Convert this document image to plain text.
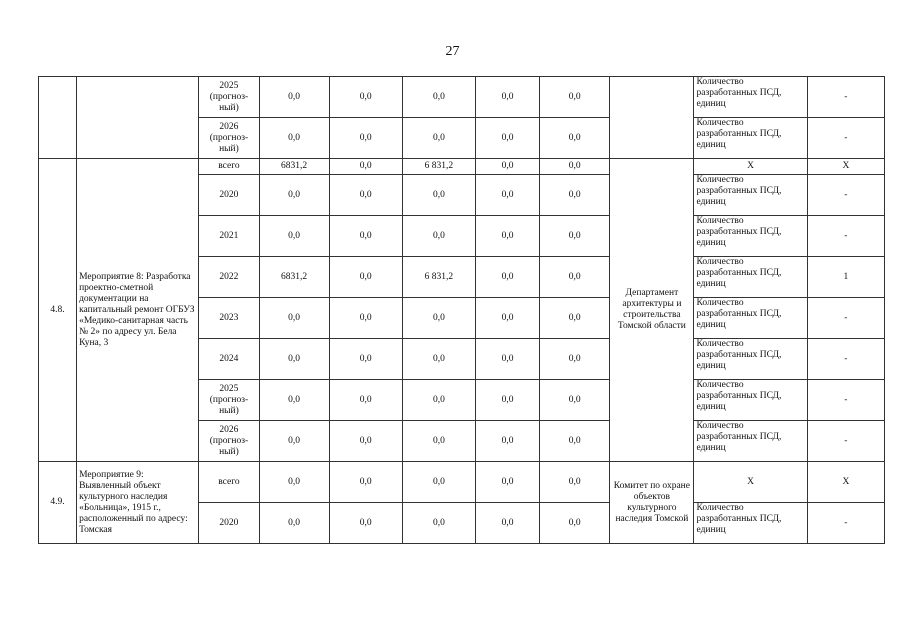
27
		2025 (прогноз-ный)	0,0	0,0	0,0	0,0	0,0		Количество разработанных ПСД, единиц	-
		2026 (прогноз-ный)	0,0	0,0	0,0	0,0	0,0		Количество разработанных ПСД, единиц	-
4.8.	Мероприятие 8: Разработка проектно-сметной документации на капитальный ремонт ОГБУЗ «Медико-санитарная часть № 2» по адресу ул. Бела Куна, 3	всего	6831,2	0,0	6 831,2	0,0	0,0	Департамент архитектуры и строительства Томской области	X	X
		2020	0,0	0,0	0,0	0,0	0,0		Количество разработанных ПСД, единиц	-
		2021	0,0	0,0	0,0	0,0	0,0		Количество разработанных ПСД, единиц	-
		2022	6831,2	0,0	6 831,2	0,0	0,0		Количество разработанных ПСД, единиц	1
		2023	0,0	0,0	0,0	0,0	0,0		Количество разработанных ПСД, единиц	-
		2024	0,0	0,0	0,0	0,0	0,0		Количество разработанных ПСД, единиц	-
		2025 (прогноз-ный)	0,0	0,0	0,0	0,0	0,0		Количество разработанных ПСД, единиц	-
		2026 (прогноз-ный)	0,0	0,0	0,0	0,0	0,0		Количество разработанных ПСД, единиц	-
4.9.	Мероприятие 9: Выявленный объект культурного наследия «Больница», 1915 г., расположенный по адресу: Томская	всего	0,0	0,0	0,0	0,0	0,0	Комитет по охране объектов культурного наследия Томской	X	X
		2020	0,0	0,0	0,0	0,0	0,0		Количество разработанных ПСД, единиц	-
